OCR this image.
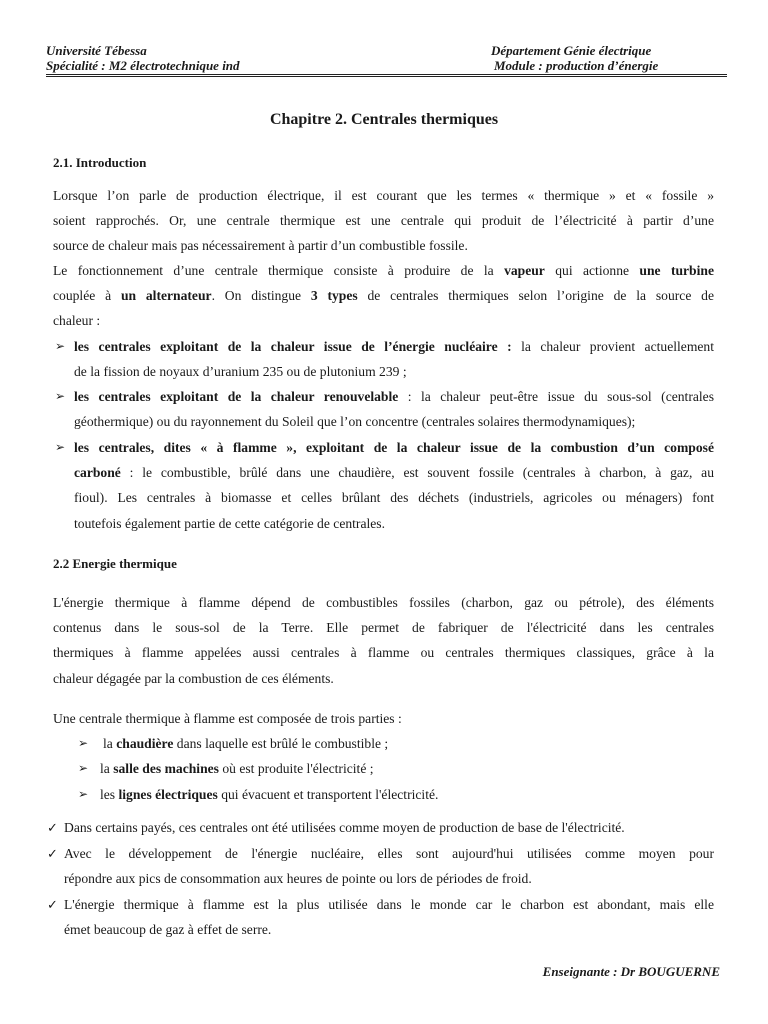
Université Tébessa
Spécialité : M2 électrotechnique ind
Département Génie électrique
Module : production d’énergie
Chapitre 2. Centrales thermiques
2.1. Introduction
Lorsque l’on parle de production électrique, il est courant que les termes « thermique » et « fossile »
soient rapprochés. Or, une centrale thermique est une centrale qui produit de l’électricité à partir d’une
source de chaleur mais pas nécessairement à partir d’un combustible fossile.
Le fonctionnement d’une centrale thermique consiste à produire de la vapeur qui actionne une turbine
couplée à un alternateur. On distingue 3 types de centrales thermiques selon l’origine de la source de
chaleur :
➢ les centrales exploitant de la chaleur issue de l’énergie nucléaire : la chaleur provient actuellement
de la fission de noyaux d’uranium 235 ou de plutonium 239 ;
➢ les centrales exploitant de la chaleur renouvelable : la chaleur peut-être issue du sous-sol (centrales
géothermique) ou du rayonnement du Soleil que l’on concentre (centrales solaires thermodynamiques);
➢ les centrales, dites « à flamme », exploitant de la chaleur issue de la combustion d’un composé
carboné : le combustible, brûlé dans une chaudière, est souvent fossile (centrales à charbon, à gaz, au
fioul). Les centrales à biomasse et celles brûlant des déchets (industriels, agricoles ou ménagers) font
toutefois également partie de cette catégorie de centrales.
2.2 Energie thermique
L'énergie thermique à flamme dépend de combustibles fossiles (charbon, gaz ou pétrole), des éléments
contenus dans le sous-sol de la Terre. Elle permet de fabriquer de l'électricité dans les centrales
thermiques à flamme appelées aussi centrales à flamme ou centrales thermiques classiques, grâce à la
chaleur dégagée par la combustion de ces éléments.
Une centrale thermique à flamme est composée de trois parties :
➢ la chaudière dans laquelle est brûlé le combustible ;
➢ la salle des machines où est produite l'électricité ;
➢ les lignes électriques qui évacuent et transportent l'électricité.
✓ Dans certains payés, ces centrales ont été utilisées comme moyen de production de base de l'électricité.
✓ Avec le développement de l'énergie nucléaire, elles sont aujourd'hui utilisées comme moyen pour
répondre aux pics de consommation aux heures de pointe ou lors de périodes de froid.
✓ L'énergie thermique à flamme est la plus utilisée dans le monde car le charbon est abondant, mais elle
émet beaucoup de gaz à effet de serre.
Enseignante : Dr BOUGUERNE
